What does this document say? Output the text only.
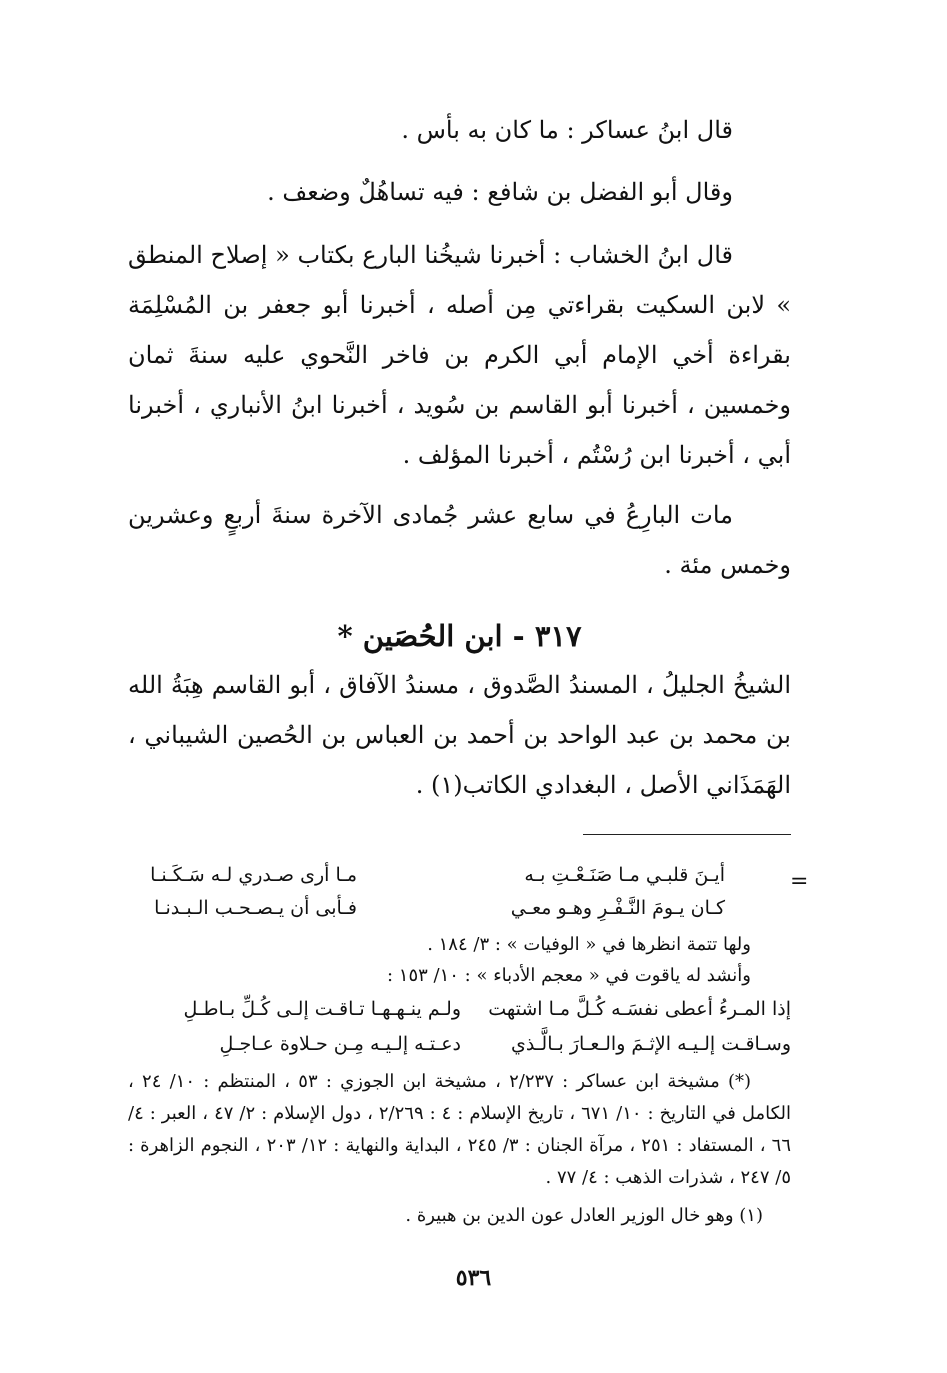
قال ابنُ عساكر : ما كان به بأس .

وقال أبو الفضل بن شافع : فيه تساهُلٌ وضعف .

قال ابنُ الخشاب : أخبرنا شيخُنا البارع بكتاب « إصلاح المنطق » لابن السكيت بقراءتي مِن أصله ، أخبرنا أبو جعفر بن المُسْلِمَة بقراءة أخي الإمام أبي الكرم بن فاخر النَّحوي عليه سنةَ ثمان وخمسين ، أخبرنا أبو القاسم بن سُويد ، أخبرنا ابنُ الأنباري ، أخبرنا أبي ، أخبرنا ابن رُسْتُم ، أخبرنا المؤلف .

مات البارِعُ في سابع عشر جُمادى الآخرة سنةَ أربعٍ وعشرين وخمس مئة .

٣١٧ - ابن الحُصَين *

الشيخُ الجليلُ ، المسندُ الصَّدوق ، مسندُ الآفاق ، أبو القاسم هِبَةُ الله بن محمد بن عبد الواحد بن أحمد بن العباس بن الحُصين الشيباني ، الهَمَذَاني الأصل ، البغدادي الكاتب(١) .

=
أيـنَ قلبـي مـا صَنَـعْـتِ بـه
مـا أرى صـدري لـه سَـكَـنـا
كـان يـومَ النَّـفْـرِ وهـو معـي
فـأبى أن يـصـحـب الـبـدنـا

ولها تتمة انظرها في « الوفيات » : ٣/ ١٨٤ .

وأنشد له ياقوت في « معجم الأدباء » : ١٠/ ١٥٣ :

إذا المـرءُ أعطى نفسَـه كُـلَّ مـا اشتهت
ولـم ينـهـهـا تـاقـت إلـى كُـلِّ بـاطـلِ
وسـاقـت إلـيـه الإثـمَ والـعـارَ بـالَّـذي
دعـتـه إلـيـه مِـن حـلاوة عـاجـلِ

(*) مشيخة ابن عساكر : ٢/٢٣٧ ، مشيخة ابن الجوزي : ٥٣ ، المنتظم : ١٠/ ٢٤ ، الكامل في التاريخ : ١٠/ ٦٧١ ، تاريخ الإسلام : ٤ : ٢/٢٦٩ ، دول الإسلام : ٢/ ٤٧ ، العبر : ٤/ ٦٦ ، المستفاد : ٢٥١ ، مرآة الجنان : ٣/ ٢٤٥ ، البداية والنهاية : ١٢/ ٢٠٣ ، النجوم الزاهرة : ٥/ ٢٤٧ ، شذرات الذهب : ٤/ ٧٧ .

(١) وهو خال الوزير العادل عون الدين بن هبيرة .

٥٣٦
